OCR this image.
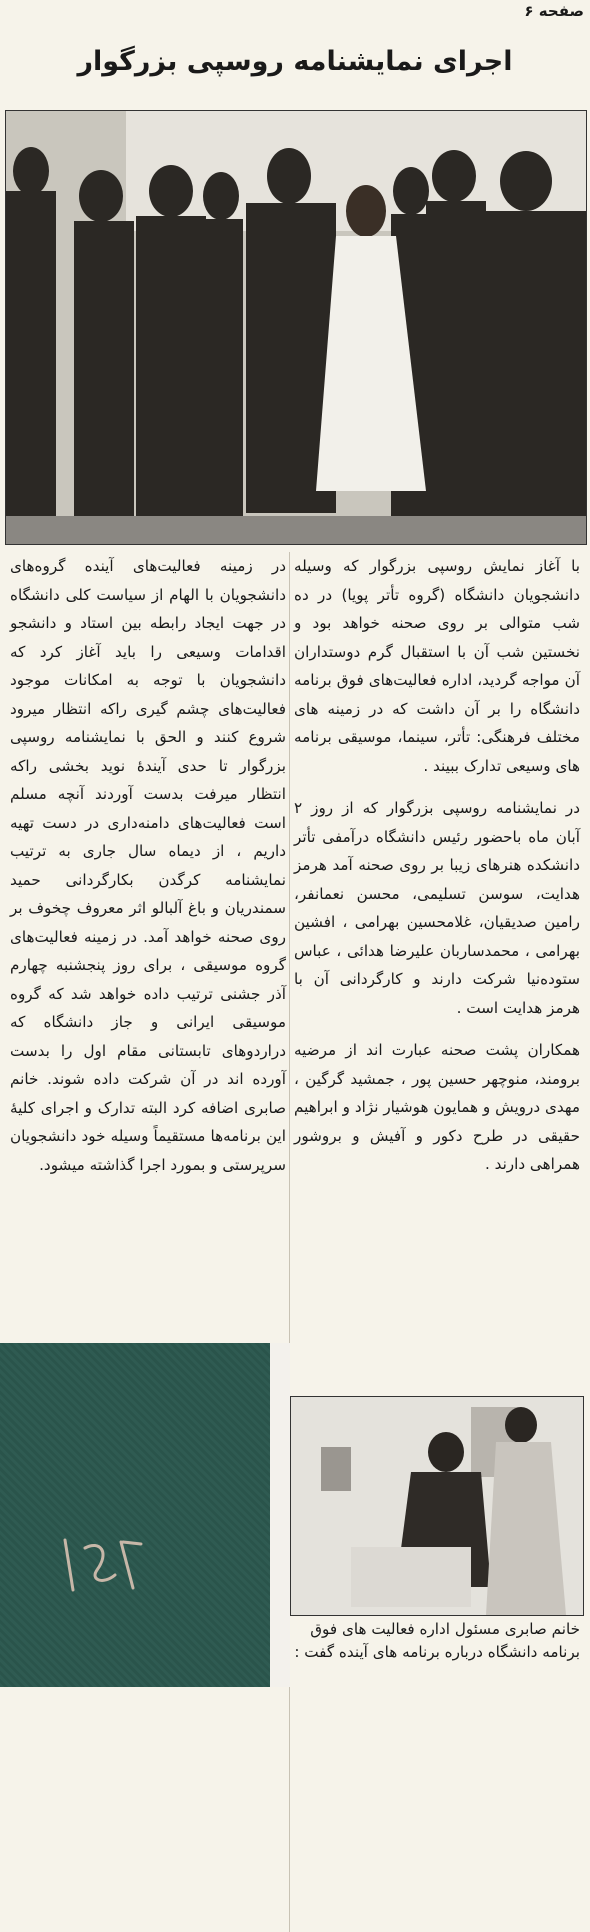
صفحه ۶
اجرای نمایشنامه روسپی بزرگوار

با آغاز نمایش روسپی بزرگوار که وسیله دانشجویان دانشگاه (گروه تأتر پویا) در ده شب متوالی بر روی صحنه خواهد بود و نخستین شب آن با استقبال گرم دوستداران آن مواجه گردید، اداره فعالیت‌های فوق برنامه دانشگاه را بر آن داشت که در زمینه های مختلف فرهنگی: تأتر، سینما، موسیقی برنامه های وسیعی تدارک ببیند .

در نمایشنامه روسپی بزرگوار که از روز ۲ آبان ماه باحضور رئیس دانشگاه درآمفی تأتر دانشکده هنرهای زیبا بر روی صحنه آمد هرمز هدایت، سوسن تسلیمی، محسن نعمانفر، رامین صدیقیان، غلامحسین بهرامی ، افشین بهرامی ، محمدساربان علیرضا هدائی ، عباس ستوده‌نیا شرکت دارند و کارگردانی آن با هرمز هدایت است .

همکاران پشت صحنه عبارت اند از مرضیه برومند، منوچهر حسین پور ، جمشید گرگین ، مهدی درویش و همایون هوشیار نژاد و ابراهیم حقیقی در طرح دکور و آفیش و بروشور همراهی دارند .

در زمینه فعالیت‌های آینده گروه‌های دانشجویان با الهام از سیاست کلی دانشگاه در جهت ایجاد رابطه بین استاد و دانشجو اقدامات وسیعی را باید آغاز کرد که دانشجویان با توجه به امکانات موجود فعالیت‌های چشم گیری راکه انتظار میرود شروع کنند و الحق با نمایشنامه روسپی بزرگوار تا حدی آیندهٔ نوید بخشی راکه انتظار میرفت بدست آوردند آنچه مسلم است فعالیت‌های دامنه‌داری در دست تهیه داریم ، از دیماه سال جاری به ترتیب نمایشنامه کرگدن بکارگردانی حمید سمندریان و باغ آلبالو اثر معروف چخوف بر روی صحنه خواهد آمد. در زمینه فعالیت‌های گروه موسیقی ، برای روز پنجشنبه چهارم آذر جشنی ترتیب داده خواهد شد که گروه موسیقی ایرانی و جاز دانشگاه که دراردوهای تابستانی مقام اول را بدست آورده اند در آن شرکت داده شوند. خانم صابری اضافه کرد البته تدارک و اجرای کلیهٔ این برنامه‌ها مستقیماً وسیله خود دانشجویان سرپرستی و بمورد اجرا گذاشته میشود.

خانم صابری مسئول اداره فعالیت های فوق برنامه دانشگاه درباره برنامه های آینده گفت :
